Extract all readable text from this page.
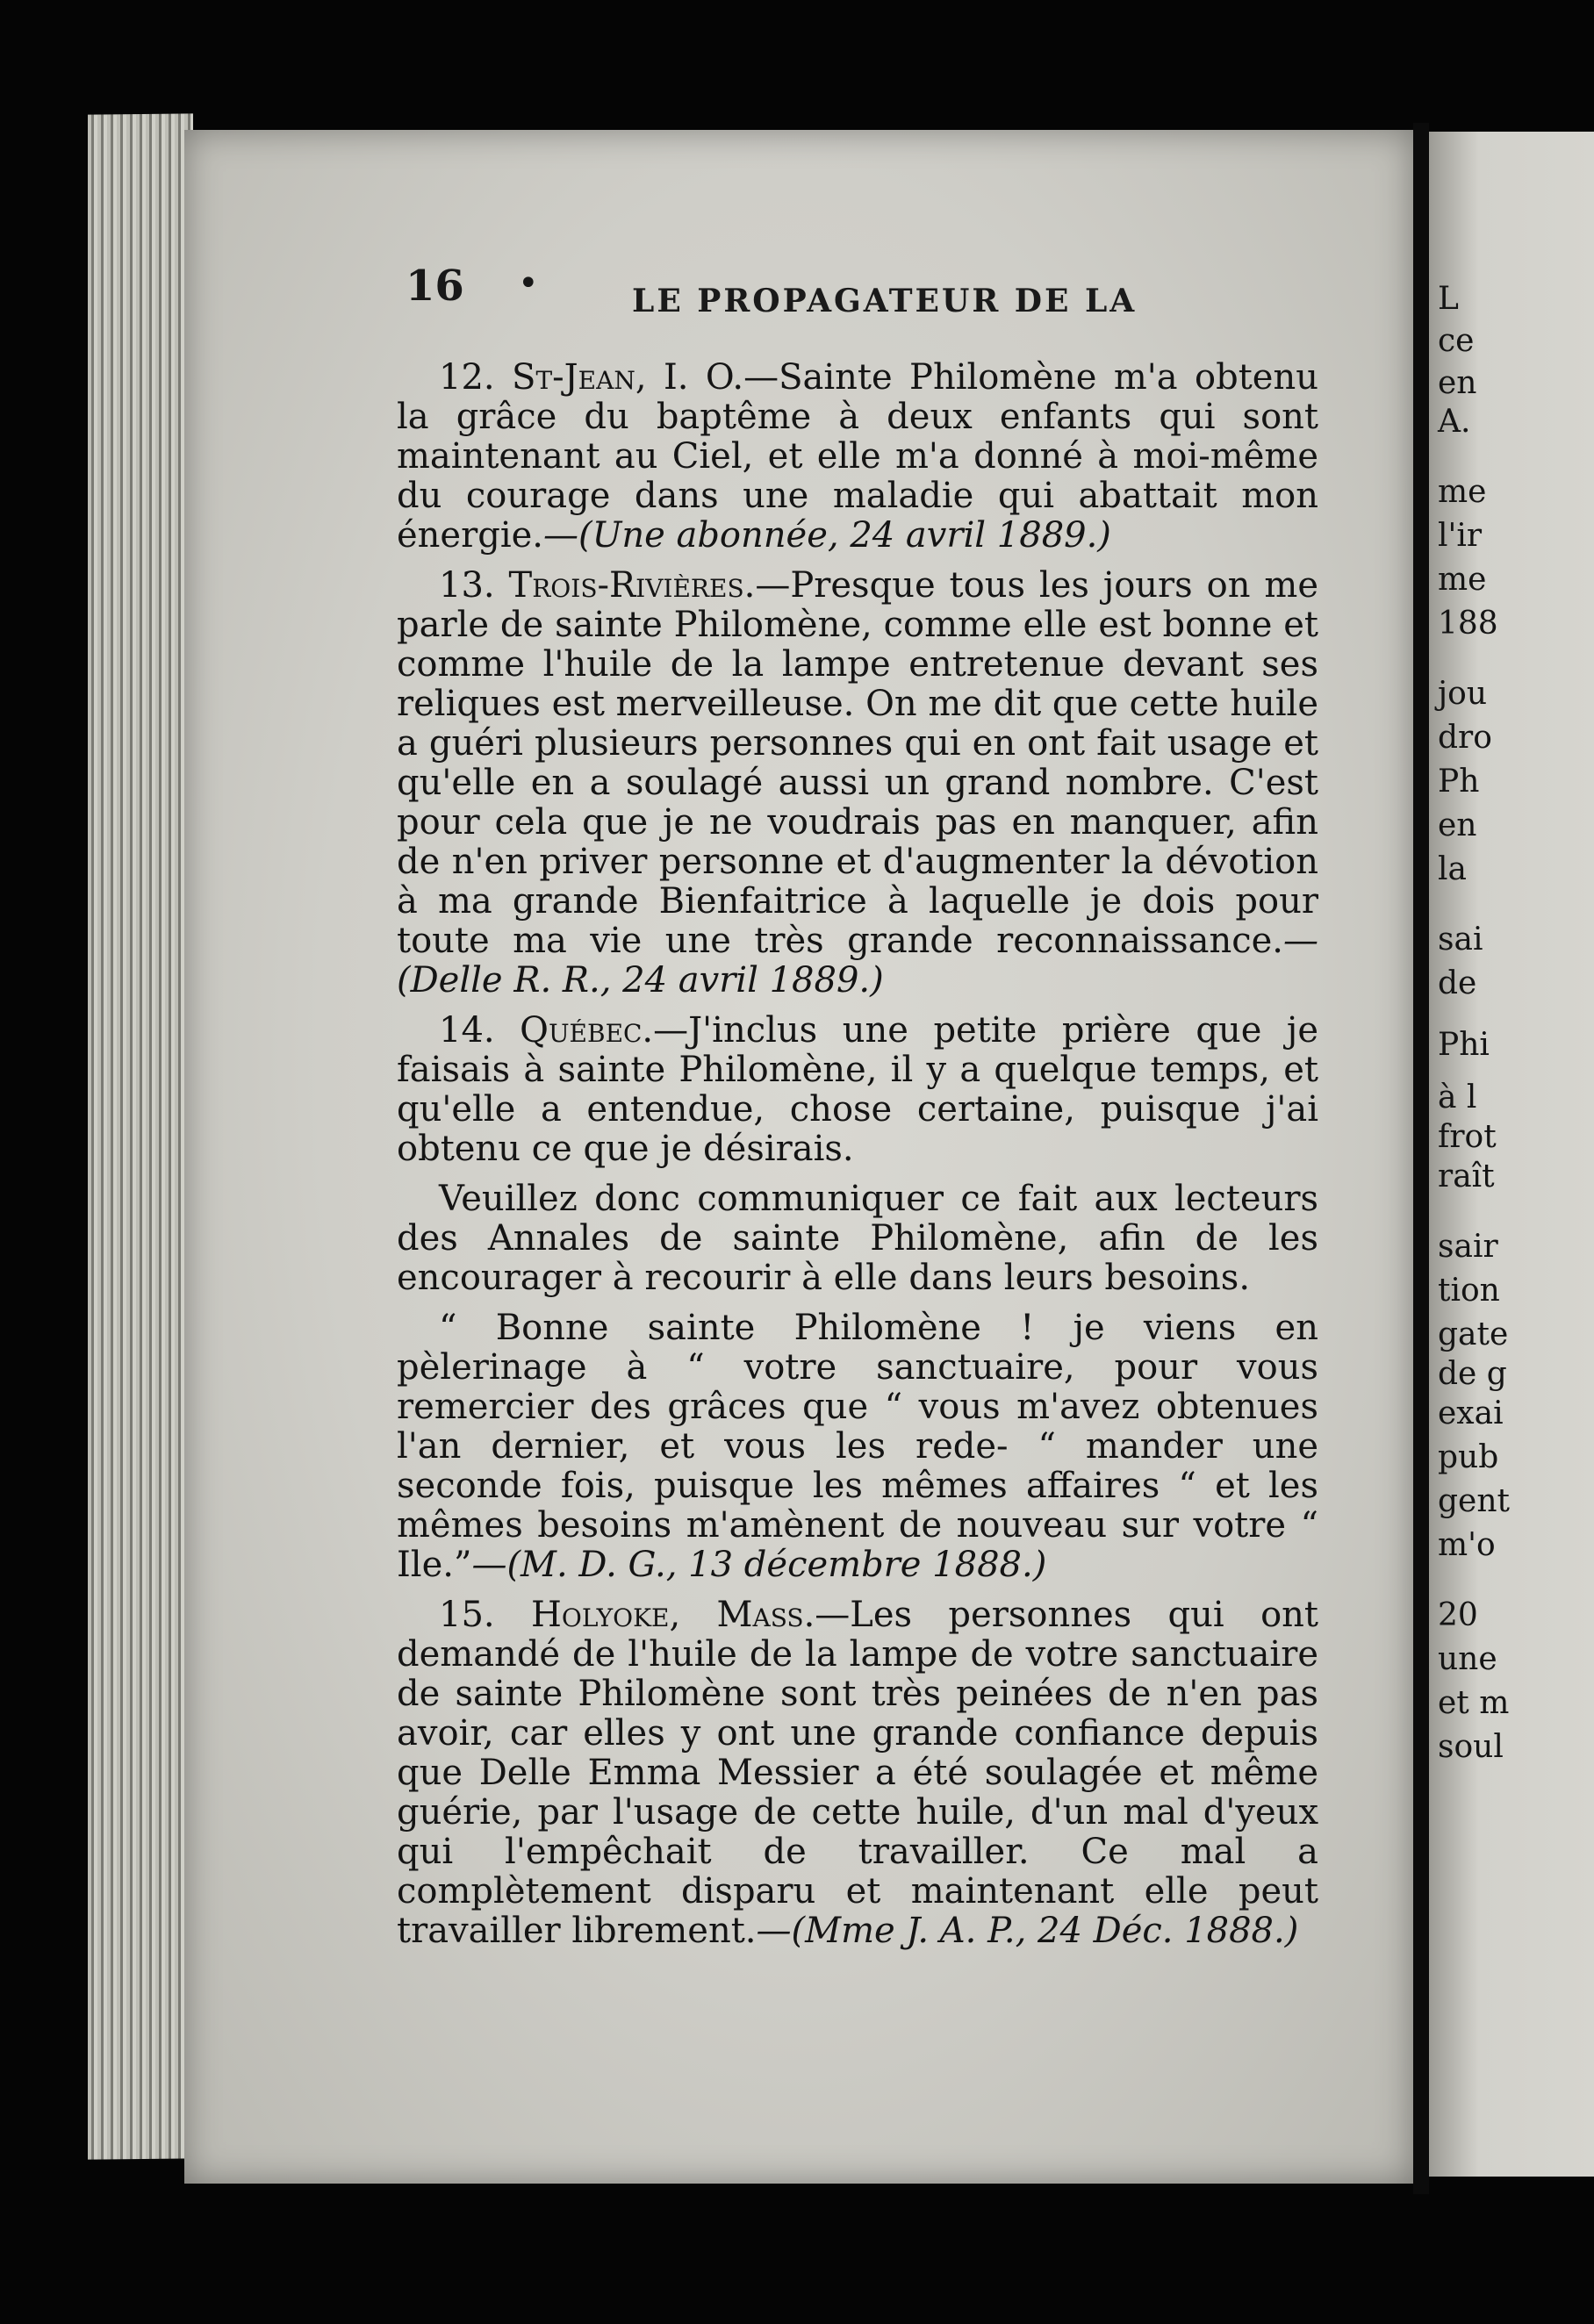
L
ce
en
A.
me
l'ir
me
188
jou
dro
Ph
en
la
sai
de
Phi
à l
frot
raît
sair
tion
gate
de g
exai
pub
gent
m'o
20
une
et m
soul
16 •	LE PROPAGATEUR DE LA

12. St-Jean, I. O.—Sainte Philomène m'a obtenu la grâce du baptême à deux enfants qui sont maintenant au Ciel, et elle m'a donné à moi-même du courage dans une maladie qui abattait mon énergie.—(Une abonnée, 24 avril 1889.)

13. Trois-Rivières.—Presque tous les jours on me parle de sainte Philomène, comme elle est bonne et comme l'huile de la lampe entretenue devant ses reliques est merveilleuse. On me dit que cette huile a guéri plusieurs personnes qui en ont fait usage et qu'elle en a soulagé aussi un grand nombre. C'est pour cela que je ne voudrais pas en manquer, afin de n'en priver personne et d'augmenter la dévotion à ma grande Bienfaitrice à laquelle je dois pour toute ma vie une très grande reconnaissance.—(Delle R. R., 24 avril 1889.)

14. Québec.—J'inclus une petite prière que je faisais à sainte Philomène, il y a quelque temps, et qu'elle a entendue, chose certaine, puisque j'ai obtenu ce que je désirais.

Veuillez donc communiquer ce fait aux lecteurs des Annales de sainte Philomène, afin de les encourager à recourir à elle dans leurs besoins.

“ Bonne sainte Philomène ! je viens en pèlerinage à “ votre sanctuaire, pour vous remercier des grâces que “ vous m'avez obtenues l'an dernier, et vous les rede- “ mander une seconde fois, puisque les mêmes affaires “ et les mêmes besoins m'amènent de nouveau sur votre “ Ile.”—(M. D. G., 13 décembre 1888.)

15. Holyoke, Mass.—Les personnes qui ont demandé de l'huile de la lampe de votre sanctuaire de sainte Philomène sont très peinées de n'en pas avoir, car elles y ont une grande confiance depuis que Delle Emma Messier a été soulagée et même guérie, par l'usage de cette huile, d'un mal d'yeux qui l'empêchait de travailler. Ce mal a complètement disparu et maintenant elle peut travailler librement.—(Mme J. A. P., 24 Déc. 1888.)
